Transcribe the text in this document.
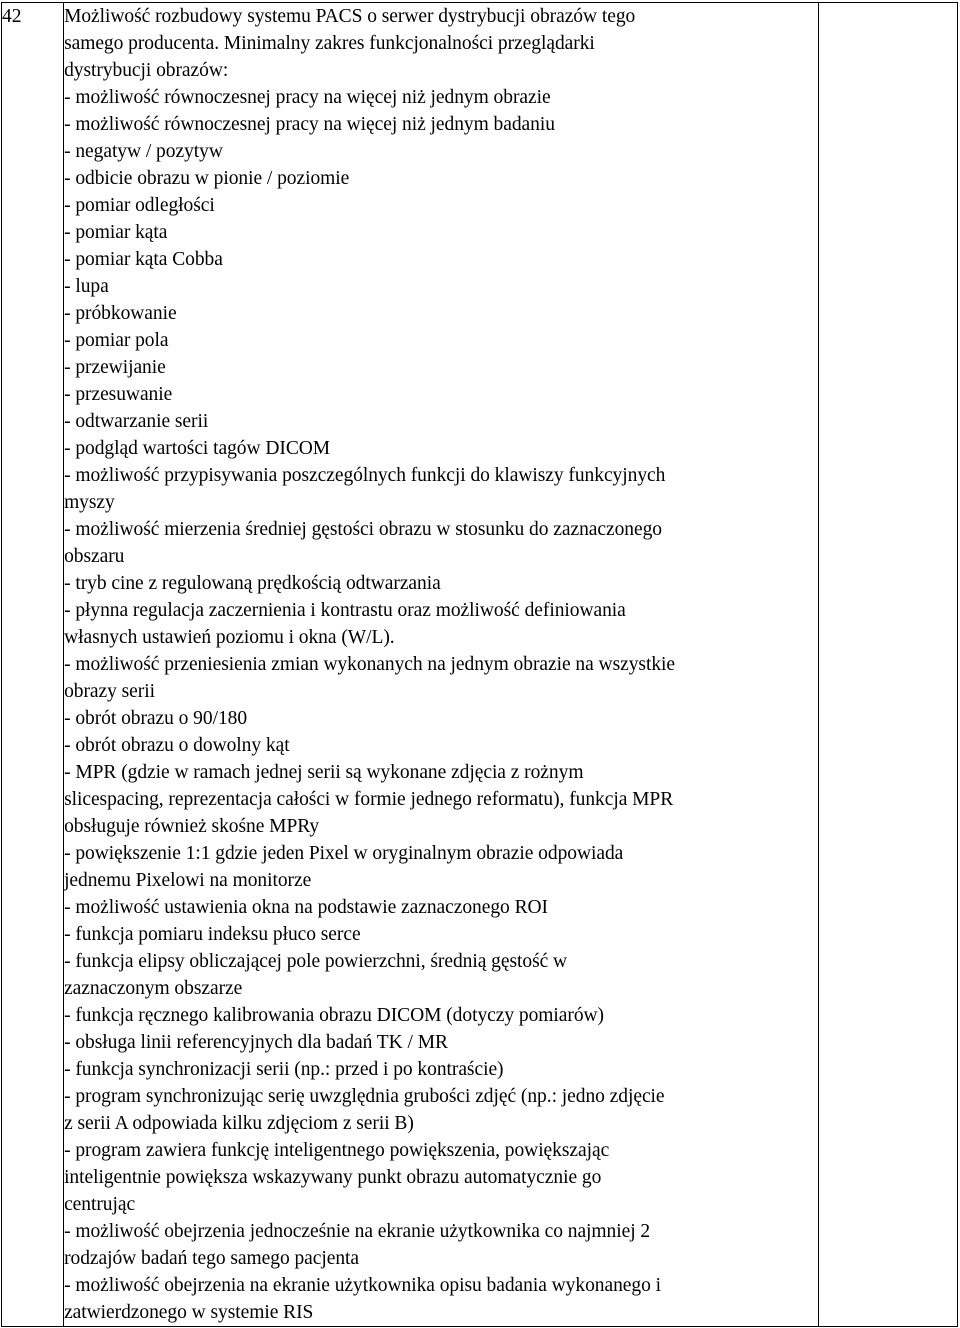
42	Możliwość rozbudowy systemu PACS o serwer dystrybucji obrazów tego
samego producenta. Minimalny zakres funkcjonalności przeglądarki
dystrybucji obrazów:
- możliwość równoczesnej pracy na więcej niż jednym obrazie
- możliwość równoczesnej pracy na więcej niż jednym badaniu
- negatyw / pozytyw
- odbicie obrazu w pionie / poziomie
- pomiar odległości
- pomiar kąta
- pomiar kąta Cobba
- lupa
- próbkowanie
- pomiar pola
- przewijanie
- przesuwanie
- odtwarzanie serii
- podgląd wartości tagów DICOM
- możliwość przypisywania poszczególnych funkcji do klawiszy funkcyjnych
myszy
- możliwość mierzenia średniej gęstości obrazu w stosunku do zaznaczonego
obszaru
- tryb cine z regulowaną prędkością odtwarzania
- płynna regulacja zaczernienia i kontrastu oraz możliwość definiowania
własnych ustawień poziomu i okna (W/L).
- możliwość przeniesienia zmian wykonanych na jednym obrazie na wszystkie
obrazy serii
- obrót obrazu o 90/180
- obrót obrazu o dowolny kąt
- MPR (gdzie w ramach jednej serii są wykonane zdjęcia z rożnym
slicespacing, reprezentacja całości w formie jednego reformatu), funkcja MPR
obsługuje również skośne MPRy
- powiększenie 1:1 gdzie jeden Pixel w oryginalnym obrazie odpowiada
jednemu Pixelowi na monitorze
- możliwość ustawienia okna na podstawie zaznaczonego ROI
- funkcja pomiaru indeksu płuco serce
- funkcja elipsy obliczającej pole powierzchni, średnią gęstość w
zaznaczonym obszarze
- funkcja ręcznego kalibrowania obrazu DICOM (dotyczy pomiarów)
- obsługa linii referencyjnych dla badań TK / MR
- funkcja synchronizacji serii (np.: przed i po kontraście)
- program synchronizując serię uwzględnia grubości zdjęć (np.: jedno zdjęcie
z serii A odpowiada kilku zdjęciom z serii B)
- program zawiera funkcję inteligentnego powiększenia, powiększając
inteligentnie powiększa wskazywany punkt obrazu automatycznie go
centrując
- możliwość obejrzenia jednocześnie na ekranie użytkownika co najmniej 2
rodzajów badań tego samego pacjenta
- możliwość obejrzenia na ekranie użytkownika opisu badania wykonanego i
zatwierdzonego w systemie RIS
